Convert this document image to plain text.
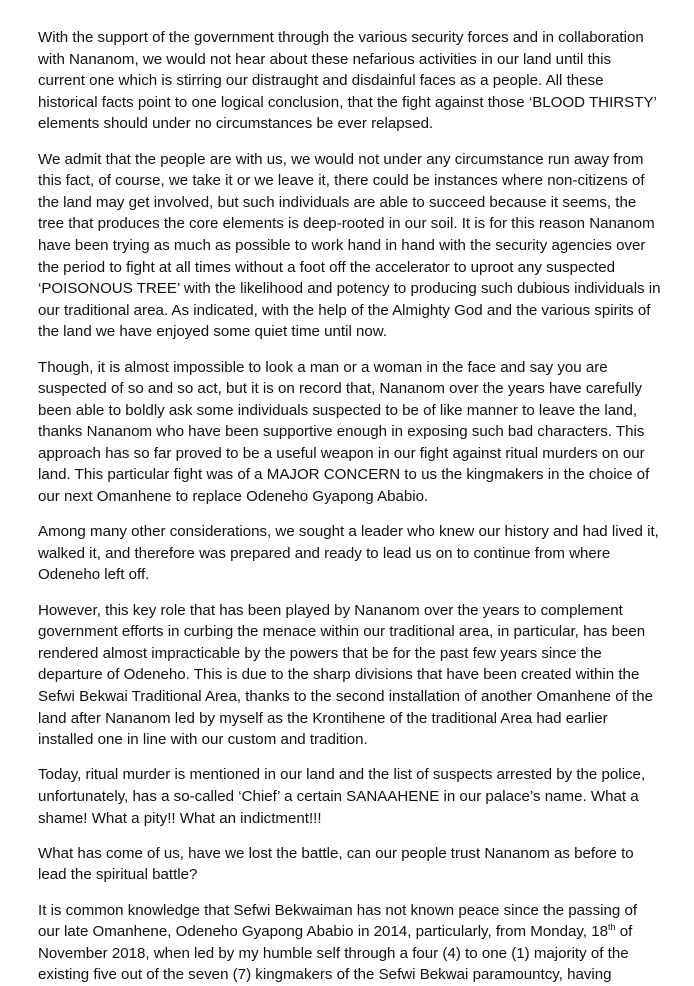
With the support of the government through the various security forces and in collaboration with Nananom, we would not hear about these nefarious activities in our land until this current one which is stirring our distraught and disdainful faces as a people. All these historical facts point to one logical conclusion, that the fight against those ‘BLOOD THIRSTY’ elements should under no circumstances be ever relapsed.

We admit that the people are with us, we would not under any circumstance run away from this fact, of course, we take it or we leave it, there could be instances where non-citizens of the land may get involved, but such individuals are able to succeed because it seems, the tree that produces the core elements is deep-rooted in our soil. It is for this reason Nananom have been trying as much as possible to work hand in hand with the security agencies over the period to fight at all times without a foot off the accelerator to uproot any suspected ‘POISONOUS TREE’ with the likelihood and potency to producing such dubious individuals in our traditional area. As indicated, with the help of the Almighty God and the various spirits of the land we have enjoyed some quiet time until now.

Though, it is almost impossible to look a man or a woman in the face and say you are suspected of so and so act, but it is on record that, Nananom over the years have carefully been able to boldly ask some individuals suspected to be of like manner to leave the land, thanks Nananom who have been supportive enough in exposing such bad characters. This approach has so far proved to be a useful weapon in our fight against ritual murders on our land. This particular fight was of a MAJOR CONCERN to us the kingmakers in the choice of our next Omanhene to replace Odeneho Gyapong Ababio.

Among many other considerations, we sought a leader who knew our history and had lived it, walked it, and therefore was prepared and ready to lead us on to continue from where Odeneho left off.

However, this key role that has been played by Nananom over the years to complement government efforts in curbing the menace within our traditional area, in particular, has been rendered almost impracticable by the powers that be for the past few years since the departure of Odeneho. This is due to the sharp divisions that have been created within the Sefwi Bekwai Traditional Area, thanks to the second installation of another Omanhene of the land after Nananom led by myself as the Krontihene of the traditional Area had earlier installed one in line with our custom and tradition.

Today, ritual murder is mentioned in our land and the list of suspects arrested by the police, unfortunately, has a so-called ‘Chief’ a certain SANAAHENE in our palace’s name. What a shame! What a pity!! What an indictment!!!

What has come of us, have we lost the battle, can our people trust Nananom as before to lead the spiritual battle?

It is common knowledge that Sefwi Bekwaiman has not known peace since the passing of our late Omanhene, Odeneho Gyapong Ababio in 2014, particularly, from Monday, 18th of November 2018, when led by my humble self through a four (4) to one (1) majority of the existing five out of the seven (7) kingmakers of the Sefwi Bekwai paramountcy, having
